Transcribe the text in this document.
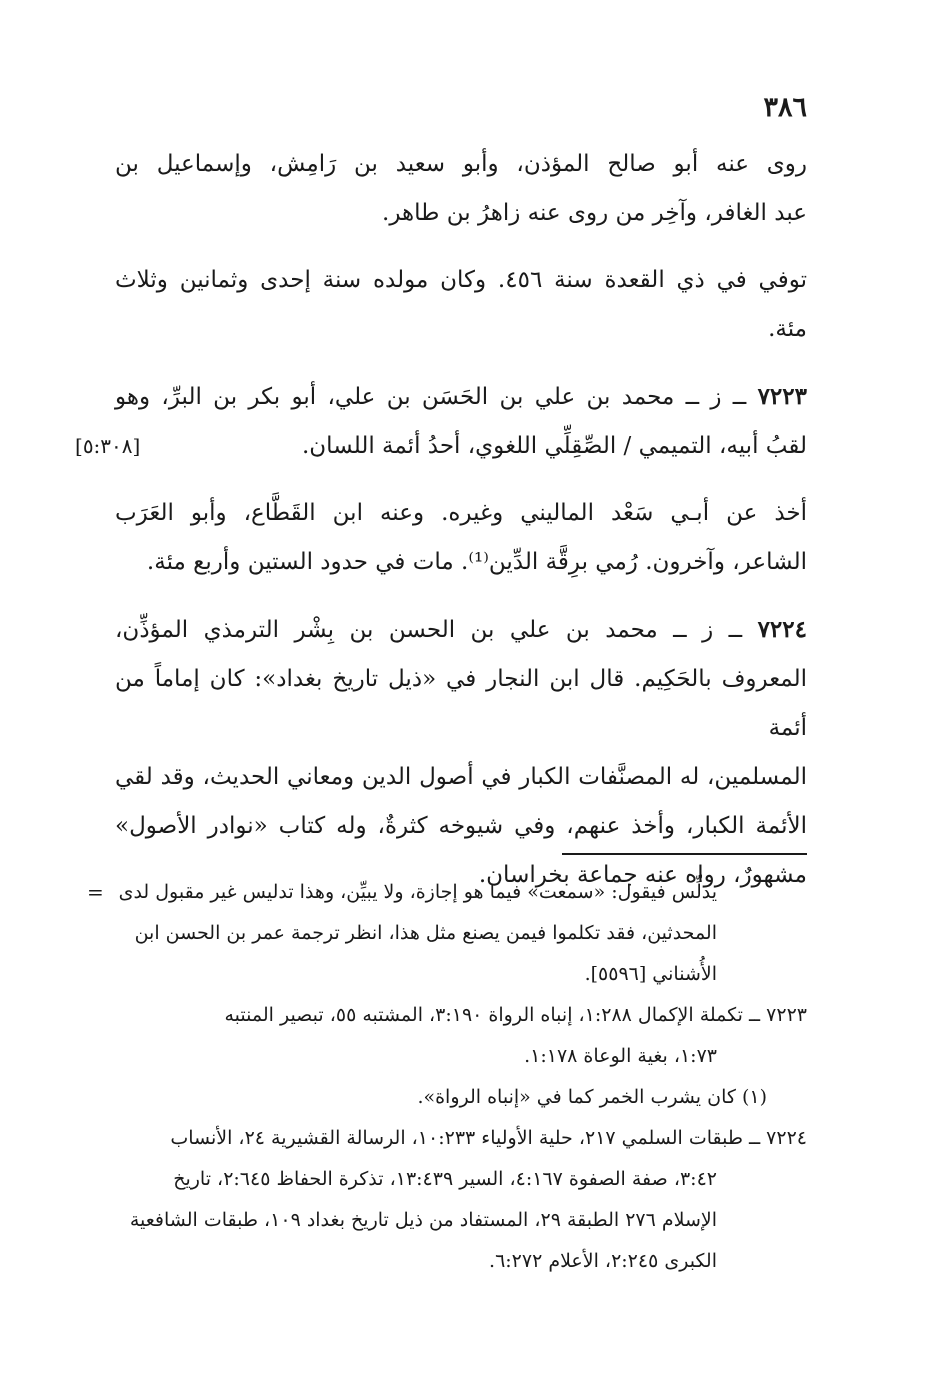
٣٨٦

روى عنه أبو صالح المؤذن، وأبو سعيد بن رَامِش، وإسماعيل بن
عبد الغافر، وآخِر من روى عنه زاهرُ بن طاهر.

توفي في ذي القعدة سنة ٤٥٦. وكان مولده سنة إحدى وثمانين وثلاث
مئة.

٧٢٢٣ ــ ز ــ محمد بن علي بن الحَسَن بن علي، أبو بكر بن البرِّ، وهو
لقبُ أبيه، التميمي / الصِّقِلِّي اللغوي، أحدُ أئمة اللسان.
[٥:٣٠٨]

أخذ عن أبـي سَعْد الماليني وغيره. وعنه ابن القَطَّاع، وأبو العَرَب
الشاعر، وآخرون. رُمي برِقَّة الدِّين⁽¹⁾. مات في حدود الستين وأربع مئة.

٧٢٢٤ ــ ز ــ محمد بن علي بن الحسن بن بِشْر الترمذي المؤذِّن،
المعروف بالحَكِيم. قال ابن النجار في «ذيل تاريخ بغداد»: كان إماماً من أئمة
المسلمين، له المصنَّفات الكبار في أصول الدين ومعاني الحديث، وقد لقي
الأئمة الكبار، وأخذ عنهم، وفي شيوخه كثرةٌ، وله كتاب «نوادر الأصول»
مشهورٌ، رواه عنه جماعة بخراسان.

= يدلِّس فيقول: «سمعت» فيما هو إجازة، ولا يبيِّن، وهذا تدليس غير مقبول لدى
المحدثين، فقد تكلموا فيمن يصنع مثل هذا، انظر ترجمة عمر بن الحسن ابن
الأُشناني [٥٥٩٦].

٧٢٢٣ ــ تكملة الإكمال ١:٢٨٨، إنباه الرواة ٣:١٩٠، المشتبه ٥٥، تبصير المنتبه
١:٧٣، بغية الوعاة ١:١٧٨.

(١) كان يشرب الخمر كما في «إنباه الرواة».

٧٢٢٤ ــ طبقات السلمي ٢١٧، حلية الأولياء ١٠:٢٣٣، الرسالة القشيرية ٢٤، الأنساب
٣:٤٢، صفة الصفوة ٤:١٦٧، السير ١٣:٤٣٩، تذكرة الحفاظ ٢:٦٤٥، تاريخ
الإسلام ٢٧٦ الطبقة ٢٩، المستفاد من ذيل تاريخ بغداد ١٠٩، طبقات الشافعية
الكبرى ٢:٢٤٥، الأعلام ٦:٢٧٢.
